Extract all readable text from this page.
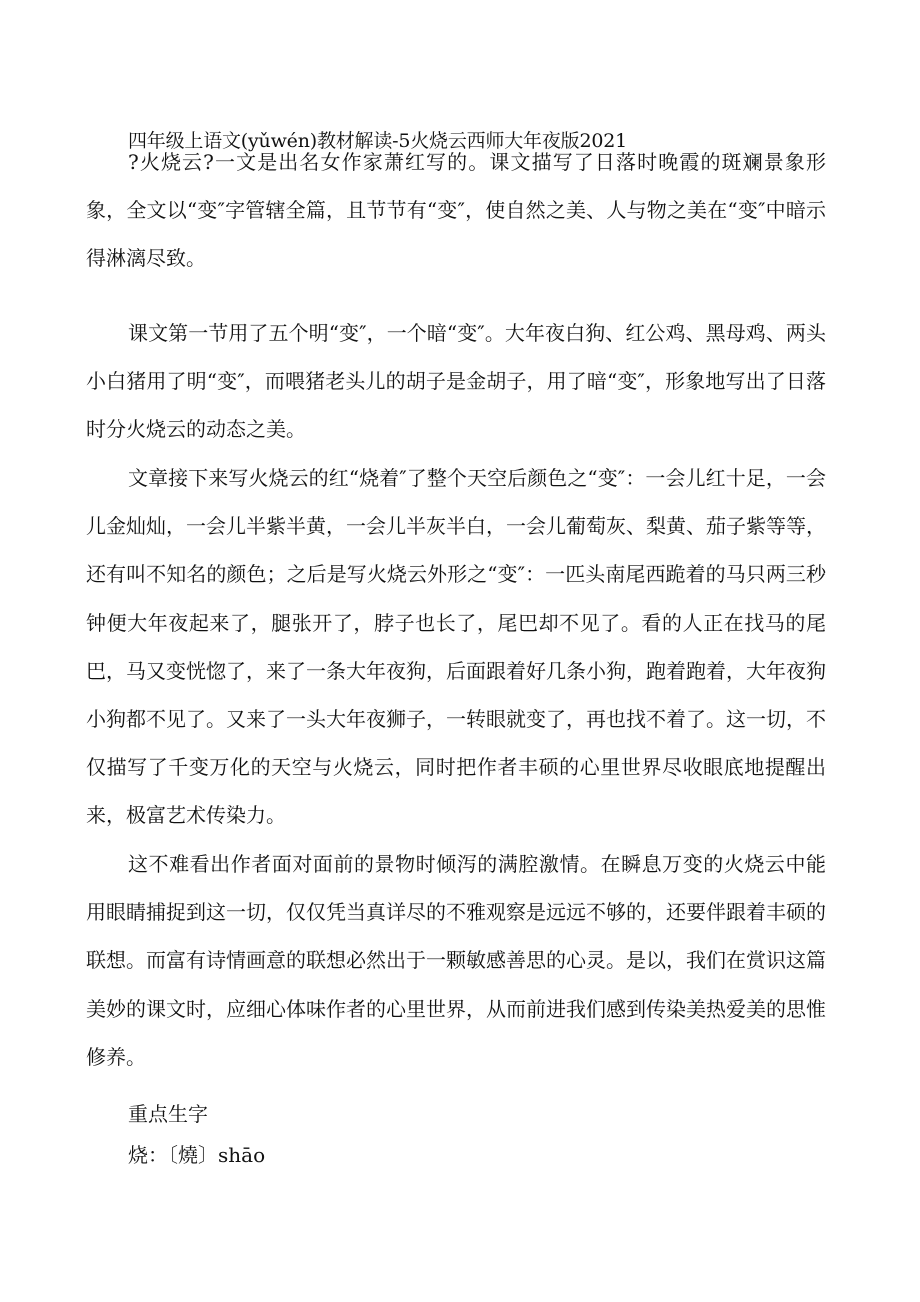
四年级上语文(yǔwén)教材解读-5火烧云西师大年夜版2021

?火烧云?一文是出名女作家萧红写的。课文描写了日落时晚霞的斑斓景象形象，全文以“变″字管辖全篇，且节节有“变″，使自然之美、人与物之美在“变″中暗示得淋漓尽致。

课文第一节用了五个明“变″，一个暗“变″。大年夜白狗、红公鸡、黑母鸡、两头小白猪用了明“变″，而喂猪老头儿的胡子是金胡子，用了暗“变″，形象地写出了日落时分火烧云的动态之美。

文章接下来写火烧云的红“烧着″了整个天空后颜色之“变″：一会儿红十足，一会儿金灿灿，一会儿半紫半黄，一会儿半灰半白，一会儿葡萄灰、梨黄、茄子紫等等，还有叫不知名的颜色；之后是写火烧云外形之“变″：一匹头南尾西跪着的马只两三秒钟便大年夜起来了，腿张开了，脖子也长了，尾巴却不见了。看的人正在找马的尾巴，马又变恍惚了，来了一条大年夜狗，后面跟着好几条小狗，跑着跑着，大年夜狗小狗都不见了。又来了一头大年夜狮子，一转眼就变了，再也找不着了。这一切，不仅描写了千变万化的天空与火烧云，同时把作者丰硕的心里世界尽收眼底地提醒出来，极富艺术传染力。

这不难看出作者面对面前的景物时倾泻的满腔激情。在瞬息万变的火烧云中能用眼睛捕捉到这一切，仅仅凭当真详尽的不雅观察是远远不够的，还要伴跟着丰硕的联想。而富有诗情画意的联想必然出于一颗敏感善思的心灵。是以，我们在赏识这篇美妙的课文时，应细心体味作者的心里世界，从而前进我们感到传染美热爱美的思惟修养。

重点生字
烧：〔燒〕shāo
